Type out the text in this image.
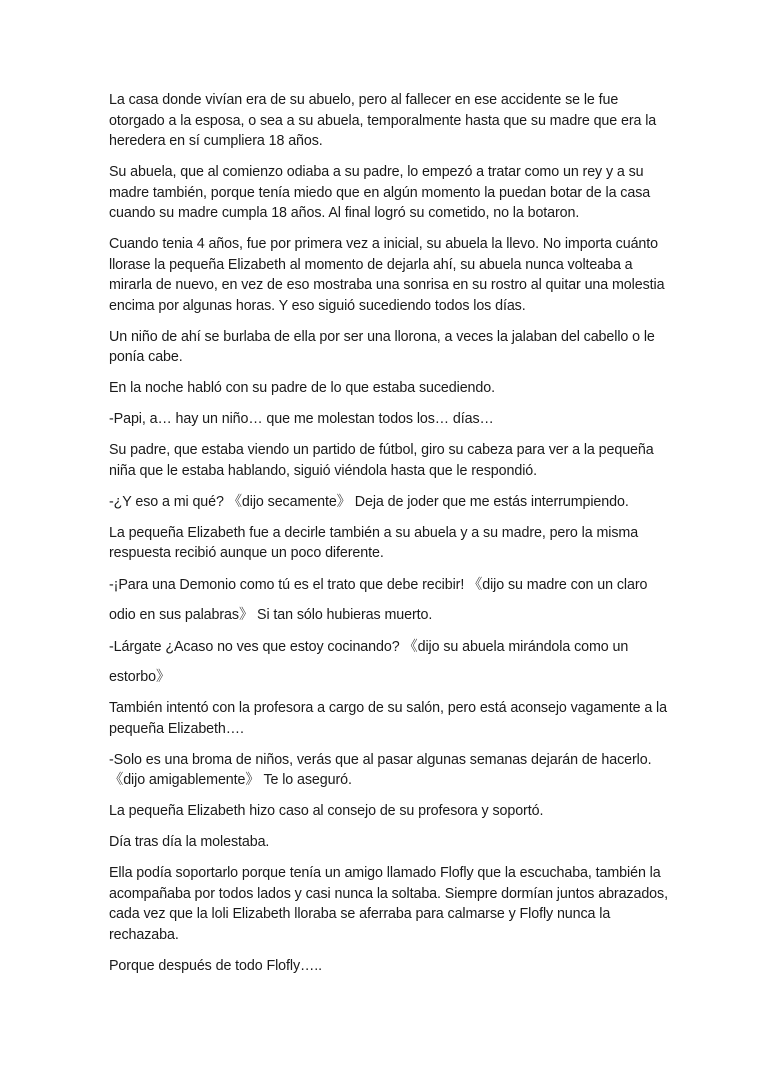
La casa donde vivían era de su abuelo, pero al fallecer en ese accidente se le fue otorgado a la esposa, o sea a su abuela, temporalmente hasta que su madre que era la heredera en sí cumpliera 18 años.

Su abuela, que al comienzo odiaba a su padre, lo empezó a tratar como un rey y a su madre también, porque tenía miedo que en algún momento la puedan botar de la casa cuando su madre cumpla 18 años. Al final logró su cometido, no la botaron.

Cuando tenia 4 años, fue por primera vez a inicial, su abuela la llevo. No importa cuánto llorase la pequeña Elizabeth al momento de dejarla ahí, su abuela nunca volteaba a mirarla de nuevo, en vez de eso mostraba una sonrisa en su rostro al quitar una molestia encima por algunas horas. Y eso siguió sucediendo todos los días.

Un niño de ahí se burlaba de ella por ser una llorona, a veces la jalaban del cabello o le ponía cabe.

En la noche habló con su padre de lo que estaba sucediendo.

-Papi, a… hay un niño… que me molestan todos los… días…

Su padre, que estaba viendo un partido de fútbol, giro su cabeza para ver a la pequeña niña que le estaba hablando, siguió viéndola hasta que le respondió.

-¿Y eso a mi qué? 《dijo secamente》 Deja de joder que me estás interrumpiendo.

La pequeña Elizabeth fue a decirle también a su abuela y a su madre, pero la misma respuesta recibió aunque un poco diferente.

-¡Para una Demonio como tú es el trato que debe recibir! 《dijo su madre con un claro odio en sus palabras》 Si tan sólo hubieras muerto.

-Lárgate ¿Acaso no ves que estoy cocinando? 《dijo su abuela mirándola como un estorbo》

También intentó con la profesora a cargo de su salón, pero está aconsejo vagamente a la pequeña Elizabeth….

-Solo es una broma de niños, verás que al pasar algunas semanas dejarán de hacerlo. 《dijo amigablemente》 Te lo aseguró.

La pequeña Elizabeth hizo caso al consejo de su profesora y soportó.

Día tras día la molestaba.

Ella podía soportarlo porque tenía un amigo llamado Flofly que la escuchaba, también la acompañaba por todos lados y casi nunca la soltaba. Siempre dormían juntos abrazados, cada vez que la loli Elizabeth lloraba se aferraba para calmarse y Flofly nunca la rechazaba.

Porque después de todo Flofly…..
